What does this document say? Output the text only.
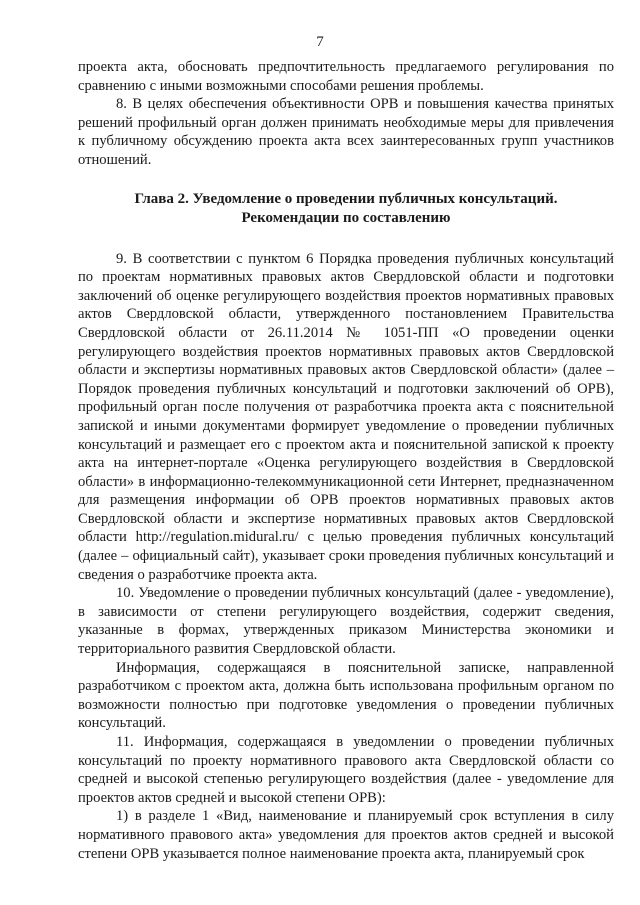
7

проекта акта, обосновать предпочтительность предлагаемого регулирования по сравнению с иными возможными способами решения проблемы.

8. В целях обеспечения объективности ОРВ и повышения качества принятых решений профильный орган должен принимать необходимые меры для привлечения к публичному обсуждению проекта акта всех заинтересованных групп участников отношений.

Глава 2. Уведомление о проведении публичных консультаций.
Рекомендации по составлению

9. В соответствии с пунктом 6 Порядка проведения публичных консультаций по проектам нормативных правовых актов Свердловской области и подготовки заключений об оценке регулирующего воздействия проектов нормативных правовых актов Свердловской области, утвержденного постановлением Правительства Свердловской области от 26.11.2014 № 1051-ПП «О проведении оценки регулирующего воздействия проектов нормативных правовых актов Свердловской области и экспертизы нормативных правовых актов Свердловской области» (далее – Порядок проведения публичных консультаций и подготовки заключений об ОРВ), профильный орган после получения от разработчика проекта акта с пояснительной запиской и иными документами формирует уведомление о проведении публичных консультаций и размещает его с проектом акта и пояснительной запиской к проекту акта на интернет-портале «Оценка регулирующего воздействия в Свердловской области» в информационно-телекоммуникационной сети Интернет, предназначенном для размещения информации об ОРВ проектов нормативных правовых актов Свердловской области и экспертизе нормативных правовых актов Свердловской области http://regulation.midural.ru/ с целью проведения публичных консультаций (далее – официальный сайт), указывает сроки проведения публичных консультаций и сведения о разработчике проекта акта.

10. Уведомление о проведении публичных консультаций (далее - уведомление), в зависимости от степени регулирующего воздействия, содержит сведения, указанные в формах, утвержденных приказом Министерства экономики и территориального развития Свердловской области.

Информация, содержащаяся в пояснительной записке, направленной разработчиком с проектом акта, должна быть использована профильным органом по возможности полностью при подготовке уведомления о проведении публичных консультаций.

11. Информация, содержащаяся в уведомлении о проведении публичных консультаций по проекту нормативного правового акта Свердловской области со средней и высокой степенью регулирующего воздействия (далее - уведомление для проектов актов средней и высокой степени ОРВ):

1) в разделе 1 «Вид, наименование и планируемый срок вступления в силу нормативного правового акта» уведомления для проектов актов средней и высокой степени ОРВ указывается полное наименование проекта акта, планируемый срок
